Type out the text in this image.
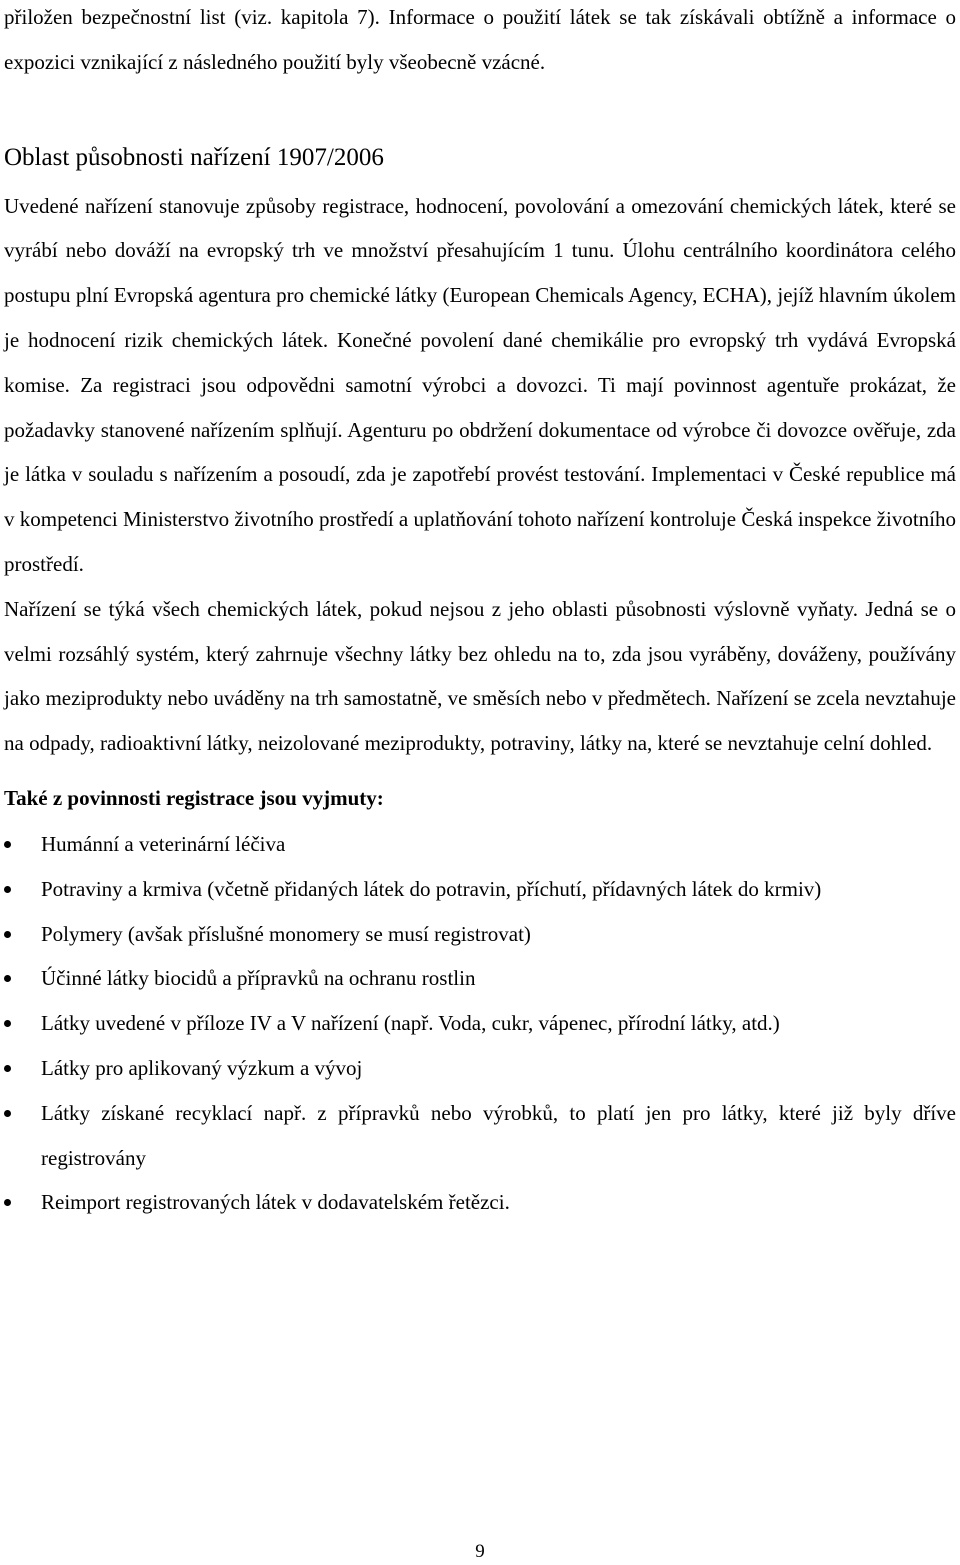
přiložen bezpečnostní list (viz. kapitola 7). Informace o použití látek se tak získávali obtížně a informace o expozici vznikající z následného použití byly všeobecně vzácné.

Oblast působnosti nařízení 1907/2006

Uvedené nařízení stanovuje způsoby registrace, hodnocení, povolování a omezování chemických látek, které se vyrábí nebo dováží na evropský trh ve množství přesahujícím 1 tunu. Úlohu centrálního koordinátora celého postupu plní Evropská agentura pro chemické látky (European Chemicals Agency, ECHA), jejíž hlavním úkolem je hodnocení rizik chemických látek. Konečné povolení dané chemikálie pro evropský trh vydává Evropská komise. Za registraci jsou odpovědni samotní výrobci a dovozci. Ti mají povinnost agentuře prokázat, že požadavky stanovené nařízením splňují. Agenturu po obdržení dokumentace od výrobce či dovozce ověřuje, zda je látka v souladu s nařízením a posoudí, zda je zapotřebí provést testování. Implementaci v České republice má v kompetenci Ministerstvo životního prostředí a uplatňování tohoto nařízení kontroluje Česká inspekce životního prostředí.

Nařízení se týká všech chemických látek, pokud nejsou z jeho oblasti působnosti výslovně vyňaty. Jedná se o velmi rozsáhlý systém, který zahrnuje všechny látky bez ohledu na to, zda jsou vyráběny, dováženy, používány jako meziprodukty nebo uváděny na trh samostatně, ve směsích nebo v předmětech. Nařízení se zcela nevztahuje na odpady, radioaktivní látky, neizolované meziprodukty, potraviny, látky na, které se nevztahuje celní dohled.

Také z povinnosti registrace jsou vyjmuty:
Humánní a veterinární léčiva
Potraviny a krmiva (včetně přidaných látek do potravin, příchutí, přídavných látek do krmiv)
Polymery (avšak příslušné monomery se musí registrovat)
Účinné látky biocidů a přípravků na ochranu rostlin
Látky uvedené v příloze IV a V nařízení (např. Voda, cukr, vápenec, přírodní látky, atd.)
Látky pro aplikovaný výzkum a vývoj
Látky získané recyklací např. z přípravků nebo výrobků, to platí jen pro látky, které již byly dříve registrovány
Reimport registrovaných látek v dodavatelském řetězci.
9
